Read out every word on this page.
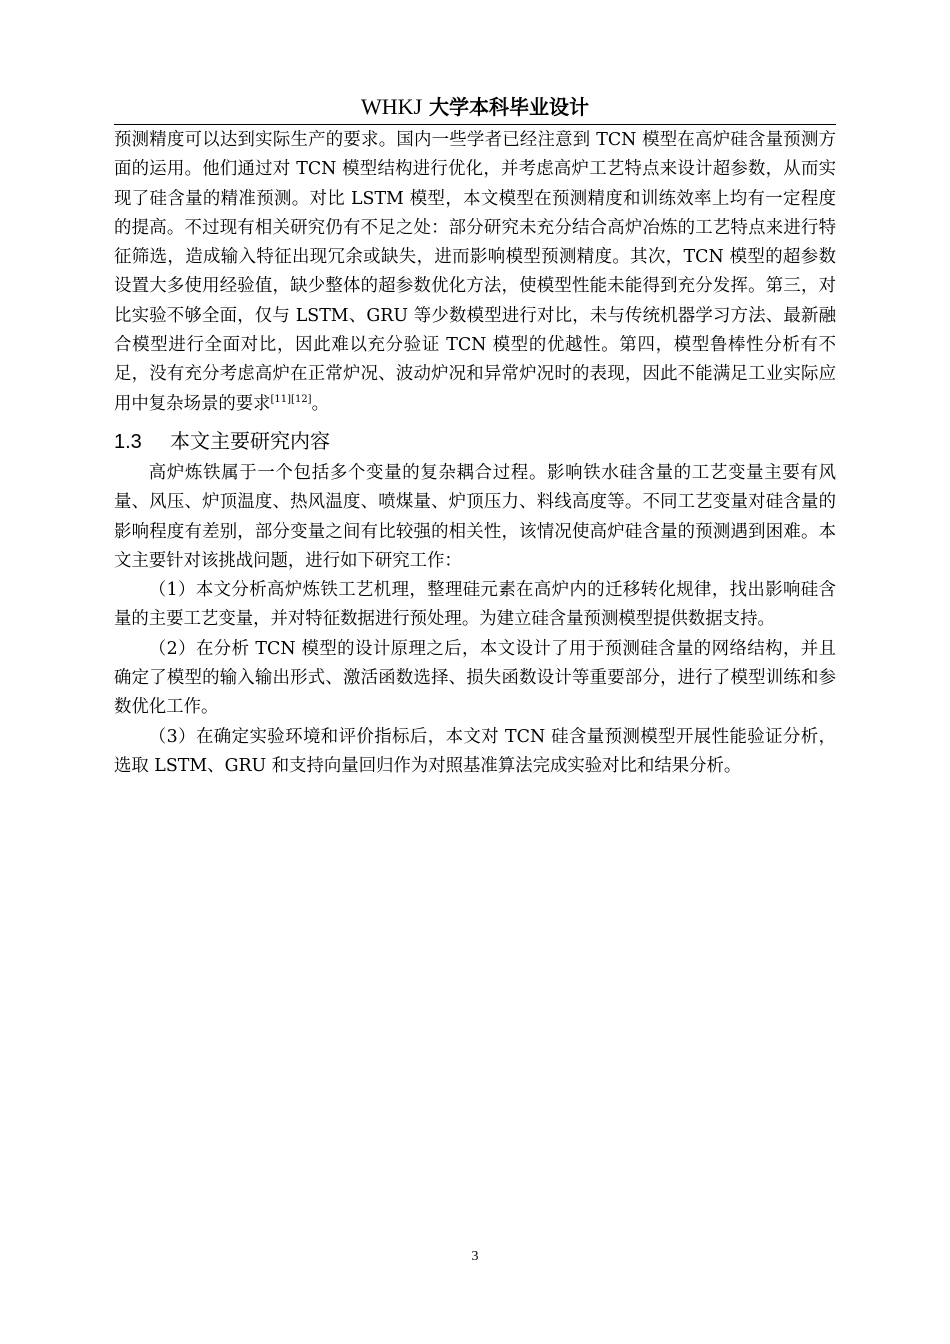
WHKJ 大学本科毕业设计

预测精度可以达到实际生产的要求。国内一些学者已经注意到 TCN 模型在高炉硅含量预测方面的运用。他们通过对 TCN 模型结构进行优化，并考虑高炉工艺特点来设计超参数，从而实现了硅含量的精准预测。对比 LSTM 模型，本文模型在预测精度和训练效率上均有一定程度的提高。不过现有相关研究仍有不足之处：部分研究未充分结合高炉冶炼的工艺特点来进行特征筛选，造成输入特征出现冗余或缺失，进而影响模型预测精度。其次，TCN 模型的超参数设置大多使用经验值，缺少整体的超参数优化方法，使模型性能未能得到充分发挥。第三，对比实验不够全面，仅与 LSTM、GRU 等少数模型进行对比，未与传统机器学习方法、最新融合模型进行全面对比，因此难以充分验证 TCN 模型的优越性。第四，模型鲁棒性分析有不足，没有充分考虑高炉在正常炉况、波动炉况和异常炉况时的表现，因此不能满足工业实际应用中复杂场景的要求[11][12]。

1.3 本文主要研究内容

高炉炼铁属于一个包括多个变量的复杂耦合过程。影响铁水硅含量的工艺变量主要有风量、风压、炉顶温度、热风温度、喷煤量、炉顶压力、料线高度等。不同工艺变量对硅含量的影响程度有差别，部分变量之间有比较强的相关性，该情况使高炉硅含量的预测遇到困难。本文主要针对该挑战问题，进行如下研究工作：

（1）本文分析高炉炼铁工艺机理，整理硅元素在高炉内的迁移转化规律，找出影响硅含量的主要工艺变量，并对特征数据进行预处理。为建立硅含量预测模型提供数据支持。

（2）在分析 TCN 模型的设计原理之后，本文设计了用于预测硅含量的网络结构，并且确定了模型的输入输出形式、激活函数选择、损失函数设计等重要部分，进行了模型训练和参数优化工作。

（3）在确定实验环境和评价指标后，本文对 TCN 硅含量预测模型开展性能验证分析，选取 LSTM、GRU 和支持向量回归作为对照基准算法完成实验对比和结果分析。

3
